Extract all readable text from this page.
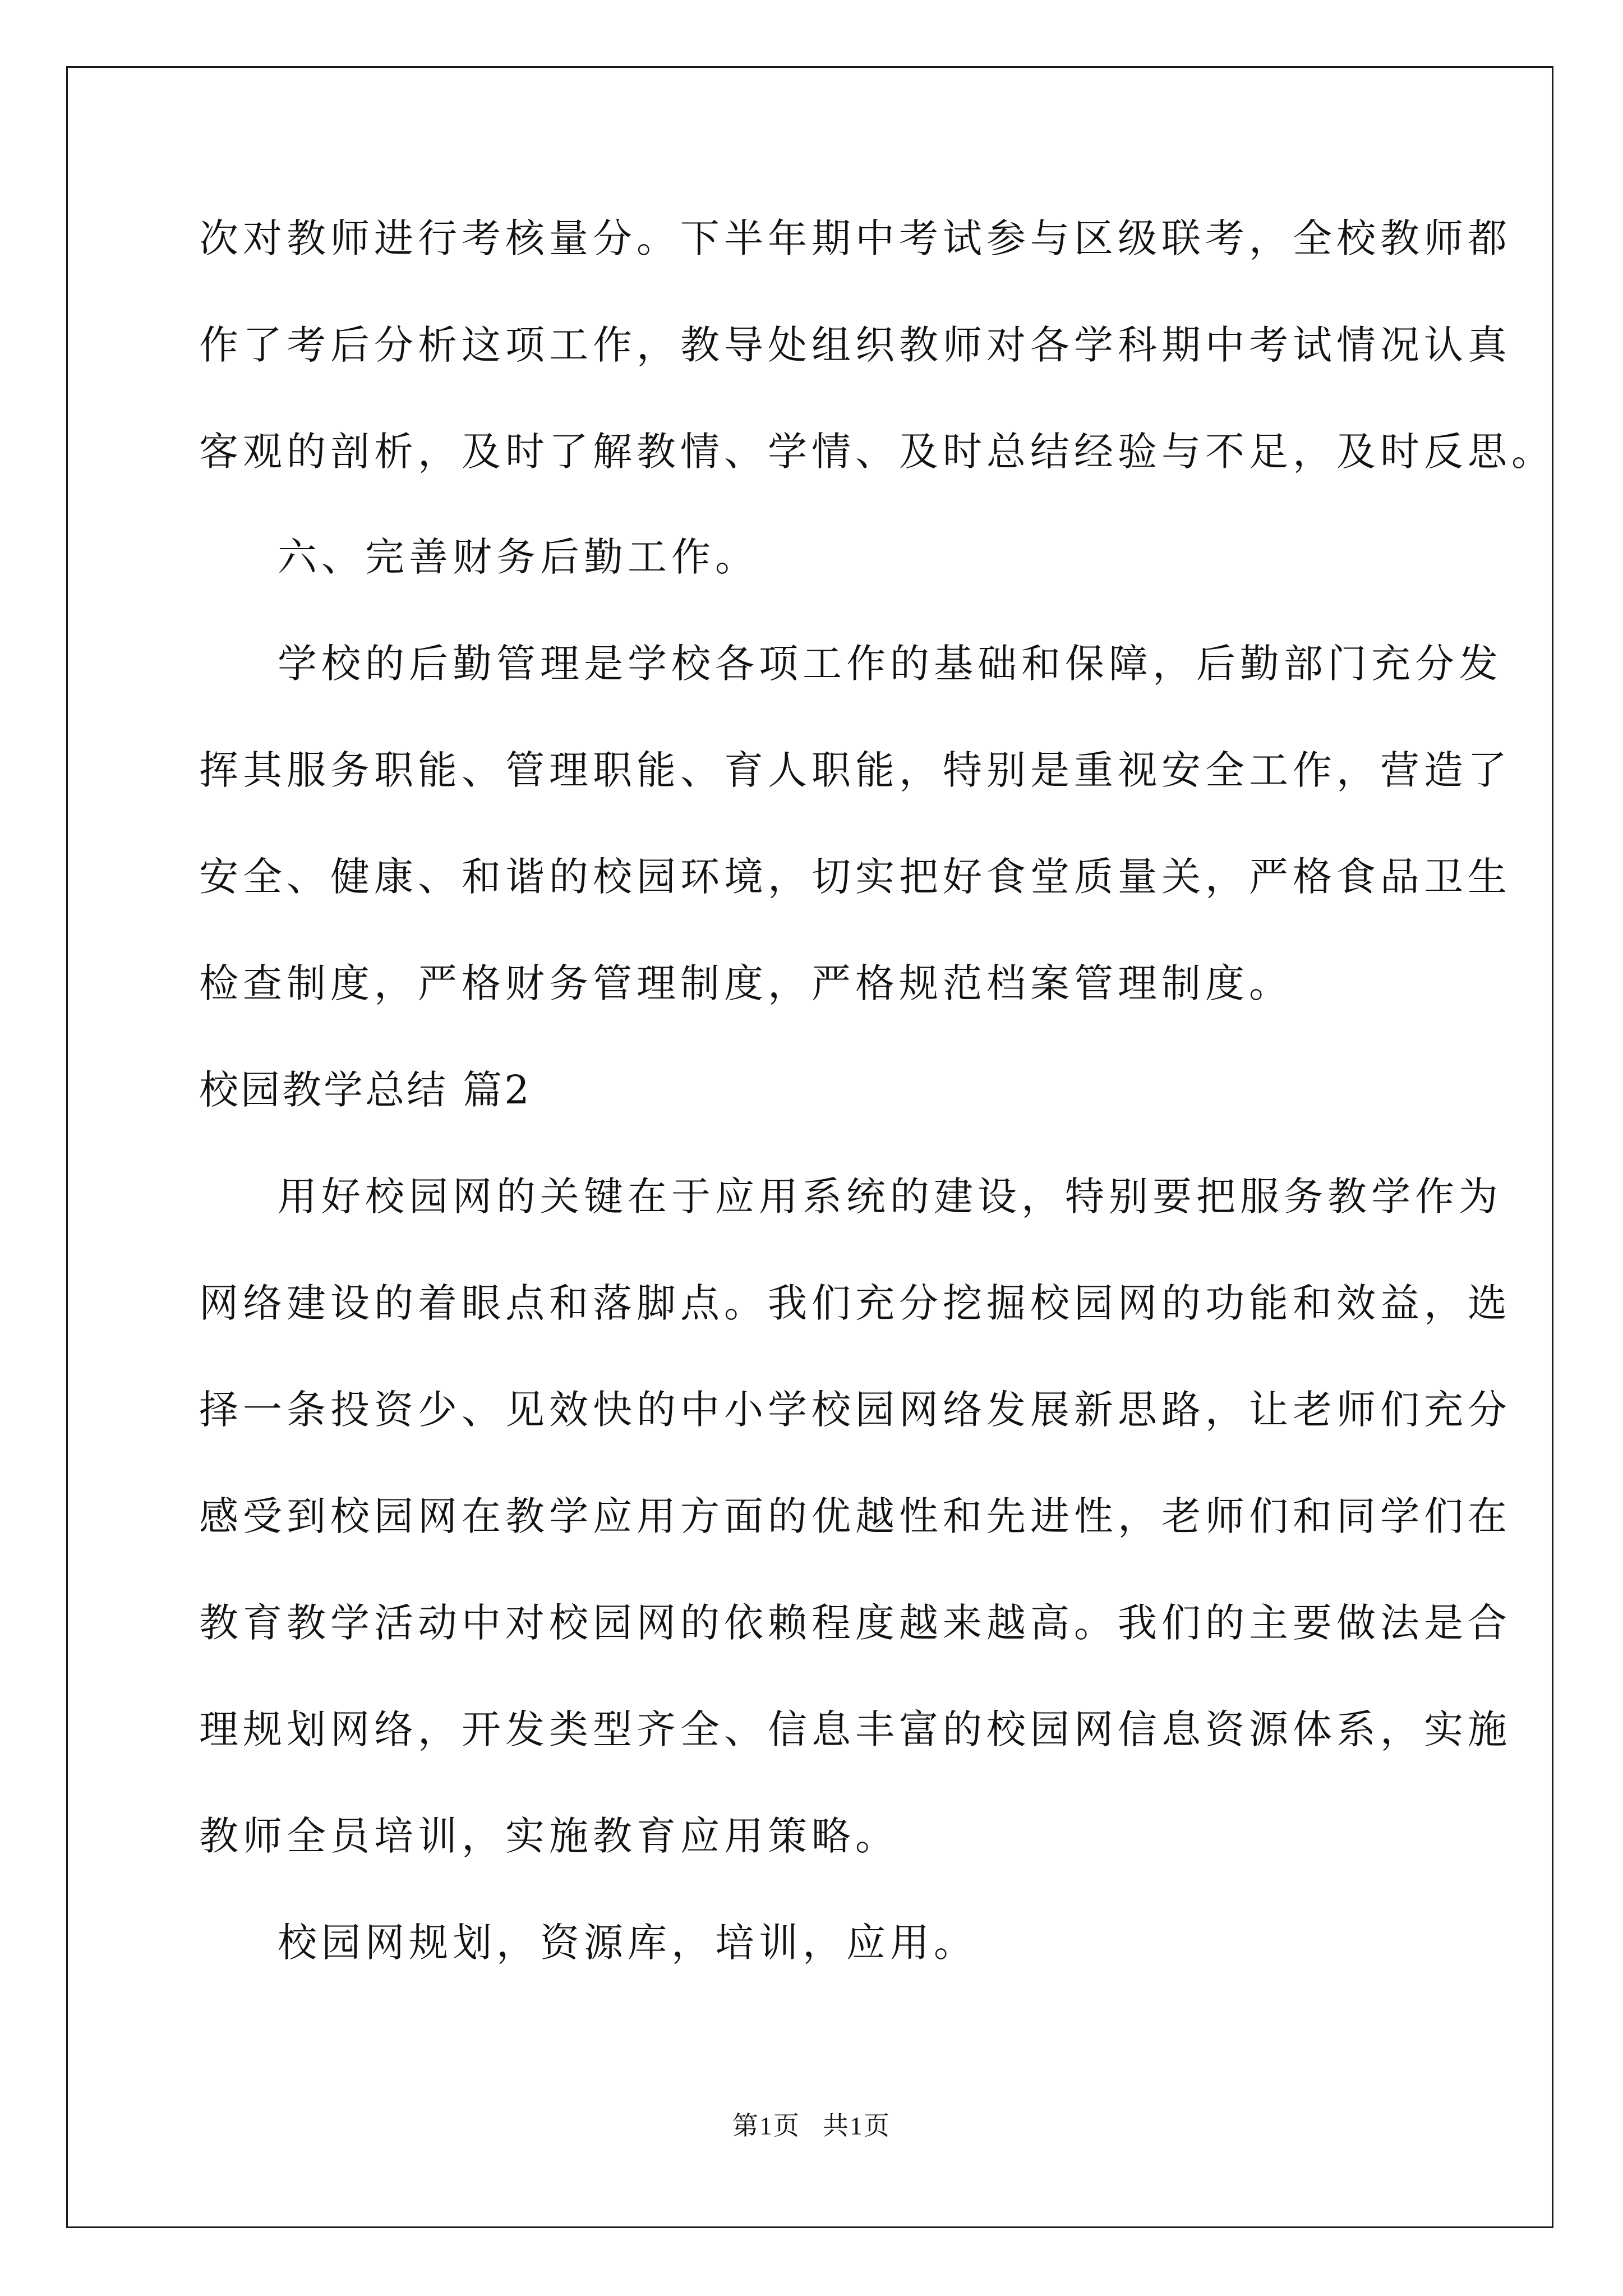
次对教师进行考核量分。下半年期中考试参与区级联考，全校教师都
作了考后分析这项工作，教导处组织教师对各学科期中考试情况认真
客观的剖析，及时了解教情、学情、及时总结经验与不足，及时反思。
六、完善财务后勤工作。
学校的后勤管理是学校各项工作的基础和保障，后勤部门充分发
挥其服务职能、管理职能、育人职能，特别是重视安全工作，营造了
安全、健康、和谐的校园环境，切实把好食堂质量关，严格食品卫生
检查制度，严格财务管理制度，严格规范档案管理制度。
校园教学总结 篇2
用好校园网的关键在于应用系统的建设，特别要把服务教学作为
网络建设的着眼点和落脚点。我们充分挖掘校园网的功能和效益，选
择一条投资少、见效快的中小学校园网络发展新思路，让老师们充分
感受到校园网在教学应用方面的优越性和先进性，老师们和同学们在
教育教学活动中对校园网的依赖程度越来越高。我们的主要做法是合
理规划网络，开发类型齐全、信息丰富的校园网信息资源体系，实施
教师全员培训，实施教育应用策略。
校园网规划，资源库，培训，应用。
第1页 共1页
